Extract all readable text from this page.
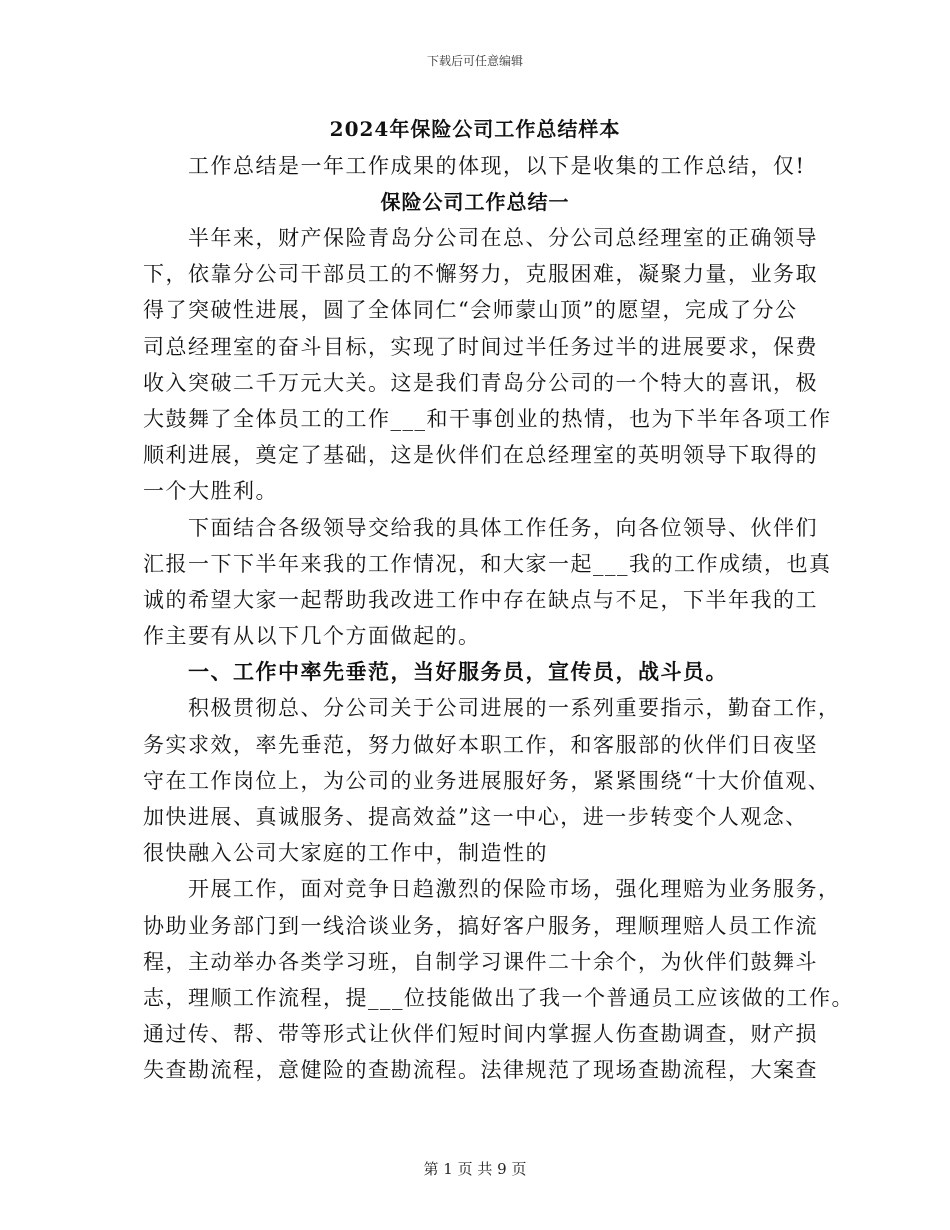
下载后可任意编辑
2024年保险公司工作总结样本
工作总结是一年工作成果的体现，以下是收集的工作总结，仅!
保险公司工作总结一
半年来，财产保险青岛分公司在总、分公司总经理室的正确领导
下，依靠分公司干部员工的不懈努力，克服困难，凝聚力量，业务取
得了突破性进展，圆了全体同仁“会师蒙山顶”的愿望，完成了分公
司总经理室的奋斗目标，实现了时间过半任务过半的进展要求，保费
收入突破二千万元大关。这是我们青岛分公司的一个特大的喜讯，极
大鼓舞了全体员工的工作___和干事创业的热情，也为下半年各项工作
顺利进展，奠定了基础，这是伙伴们在总经理室的英明领导下取得的
一个大胜利。
下面结合各级领导交给我的具体工作任务，向各位领导、伙伴们
汇报一下下半年来我的工作情况，和大家一起___我的工作成绩，也真
诚的希望大家一起帮助我改进工作中存在缺点与不足，下半年我的工
作主要有从以下几个方面做起的。
一、工作中率先垂范，当好服务员，宣传员，战斗员。
积极贯彻总、分公司关于公司进展的一系列重要指示，勤奋工作，
务实求效，率先垂范，努力做好本职工作，和客服部的伙伴们日夜坚
守在工作岗位上，为公司的业务进展服好务，紧紧围绕“十大价值观、
加快进展、真诚服务、提高效益”这一中心，进一步转变个人观念、
很快融入公司大家庭的工作中，制造性的
开展工作，面对竞争日趋激烈的保险市场，强化理赔为业务服务，
协助业务部门到一线洽谈业务，搞好客户服务，理顺理赔人员工作流
程，主动举办各类学习班，自制学习课件二十余个，为伙伴们鼓舞斗
志，理顺工作流程，提___位技能做出了我一个普通员工应该做的工作。
通过传、帮、带等形式让伙伴们短时间内掌握人伤查勘调查，财产损
失查勘流程，意健险的查勘流程。法律规范了现场查勘流程，大案查
第 1 页 共 9 页
